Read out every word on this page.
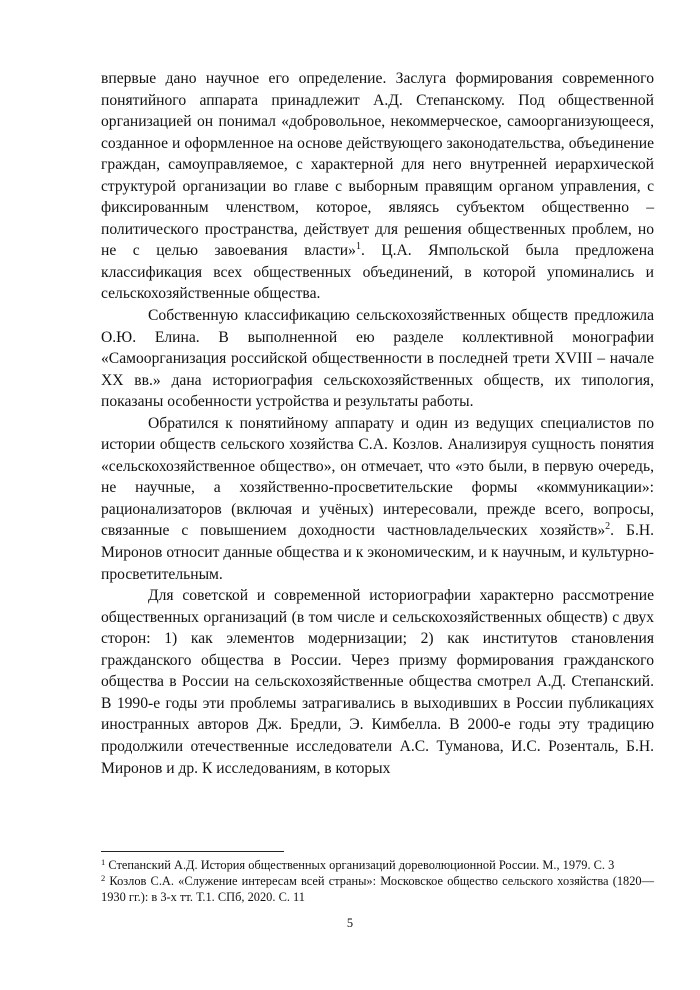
впервые дано научное его определение. Заслуга формирования современного понятийного аппарата принадлежит А.Д. Степанскому. Под общественной организацией он понимал «добровольное, некоммерческое, самоорганизующееся, созданное и оформленное на основе действующего законодательства, объединение граждан, самоуправляемое, с характерной для него внутренней иерархической структурой организации во главе с выборным правящим органом управления, с фиксированным членством, которое, являясь субъектом общественно – политического пространства, действует для решения общественных проблем, но не с целью завоевания власти»$^1$. Ц.А. Ямпольской была предложена классификация всех общественных объединений, в которой упоминались и сельскохозяйственные общества.

Собственную классификацию сельскохозяйственных обществ предложила О.Ю. Елина. В выполненной ею разделе коллективной монографии «Самоорганизация российской общественности в последней трети XVIII – начале XX вв.» дана историография сельскохозяйственных обществ, их типология, показаны особенности устройства и результаты работы.

Обратился к понятийному аппарату и один из ведущих специалистов по истории обществ сельского хозяйства С.А. Козлов. Анализируя сущность понятия «сельскохозяйственное общество», он отмечает, что «это были, в первую очередь, не научные, а хозяйственно-просветительские формы «коммуникации»: рационализаторов (включая и учёных) интересовали, прежде всего, вопросы, связанные с повышением доходности частновладельческих хозяйств»$^2$. Б.Н. Миронов относит данные общества и к экономическим, и к научным, и культурно-просветительным.

Для советской и современной историографии характерно рассмотрение общественных организаций (в том числе и сельскохозяйственных обществ) с двух сторон: 1) как элементов модернизации; 2) как институтов становления гражданского общества в России. Через призму формирования гражданского общества в России на сельскохозяйственные общества смотрел А.Д. Степанский. В 1990-е годы эти проблемы затрагивались в выходивших в России публикациях иностранных авторов Дж. Бредли, Э. Кимбелла. В 2000-е годы эту традицию продолжили отечественные исследователи А.С. Туманова, И.С. Розенталь, Б.Н. Миронов и др. К исследованиям, в которых

$^1$ Степанский А.Д. История общественных организаций дореволюционной России. М., 1979. С. 3

$^2$ Козлов С.А. «Служение интересам всей страны»: Московское общество сельского хозяйства (1820—1930 гг.): в 3-х тт. Т.1. СПб, 2020. С. 11

5
